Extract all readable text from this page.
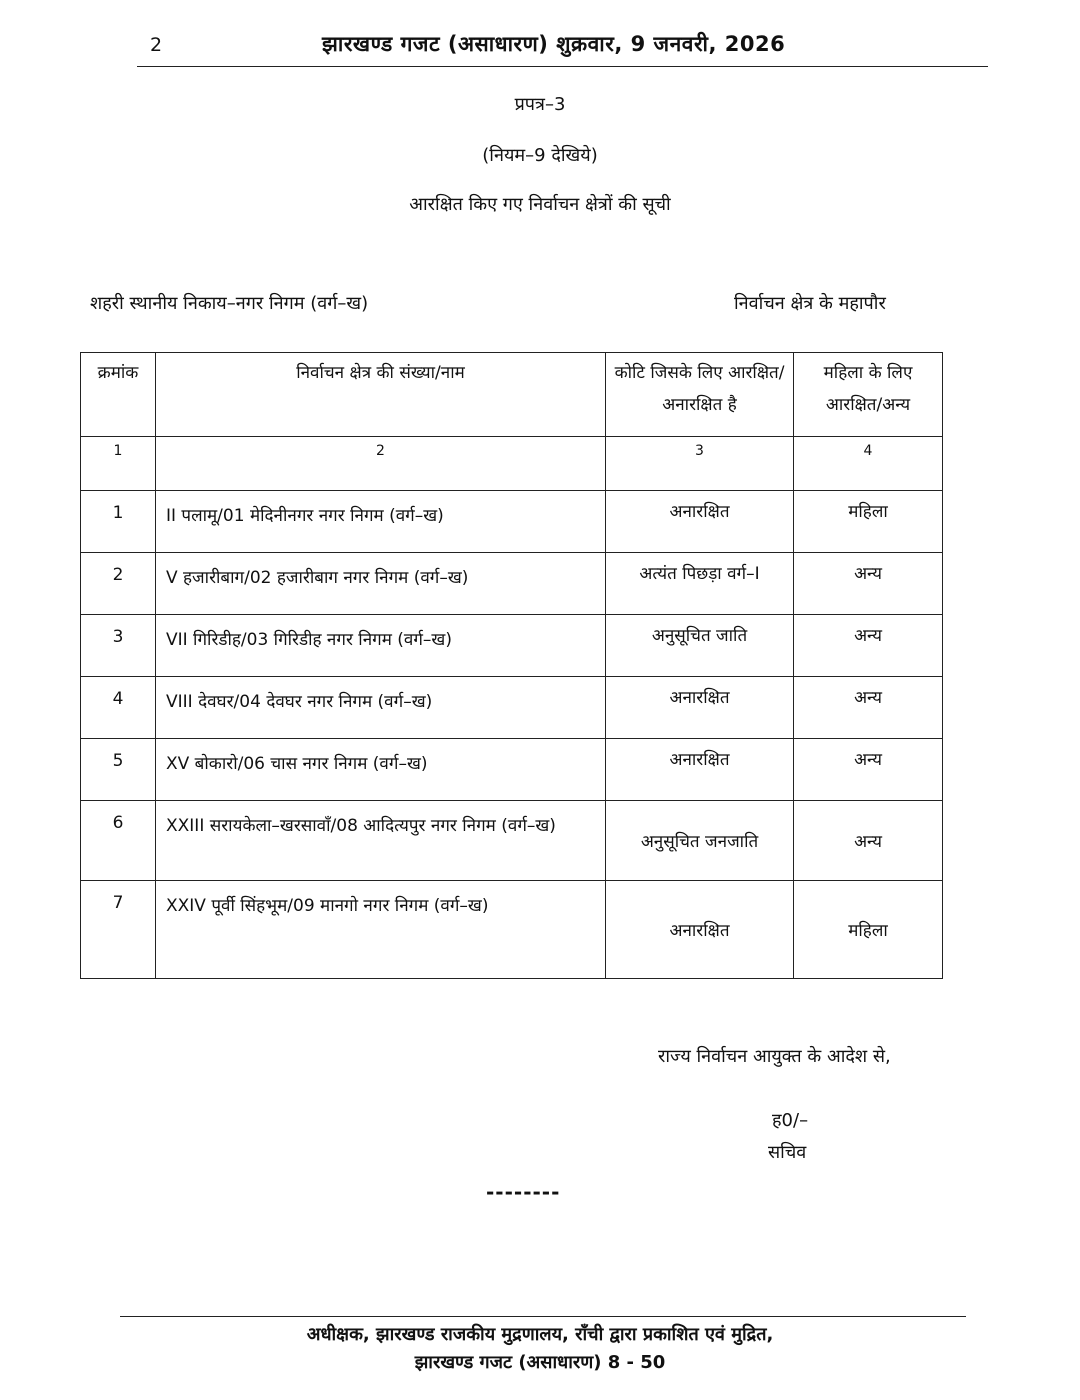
2	झारखण्ड गजट (असाधारण) शुक्रवार, 9 जनवरी, 2026
प्रपत्र–3
(नियम–9 देखिये)
आरक्षित किए गए निर्वाचन क्षेत्रों की सूची
शहरी स्थानीय निकाय–नगर निगम (वर्ग–ख)	निर्वाचन क्षेत्र के महापौर
क्रमांक	निर्वाचन क्षेत्र की संख्या/नाम	कोटि जिसके लिए आरक्षित/अनारक्षित है	महिला के लिए आरक्षित/अन्य

1	2	3	4
1	II पलामू/01 मेदिनीनगर नगर निगम (वर्ग–ख)	अनारक्षित	महिला
2	V हजारीबाग/02 हजारीबाग नगर निगम (वर्ग–ख)	अत्यंत पिछड़ा वर्ग–I	अन्य
3	VII गिरिडीह/03 गिरिडीह नगर निगम (वर्ग–ख)	अनुसूचित जाति	अन्य
4	VIII देवघर/04 देवघर नगर निगम (वर्ग–ख)	अनारक्षित	अन्य
5	XV बोकारो/06 चास नगर निगम (वर्ग–ख)	अनारक्षित	अन्य
6	XXIII सरायकेला–खरसावाँ/08 आदित्यपुर नगर निगम (वर्ग–ख)	अनुसूचित जनजाति	अन्य
7	XXIV पूर्वी सिंहभूम/09 मानगो नगर निगम (वर्ग–ख)	अनारक्षित	महिला
राज्य निर्वाचन आयुक्त के आदेश से,
ह0/–
सचिव
--------
अधीक्षक, झारखण्ड राजकीय मुद्रणालय, राँची द्वारा प्रकाशित एवं मुद्रित,
झारखण्ड गजट (असाधारण) 8 - 50
